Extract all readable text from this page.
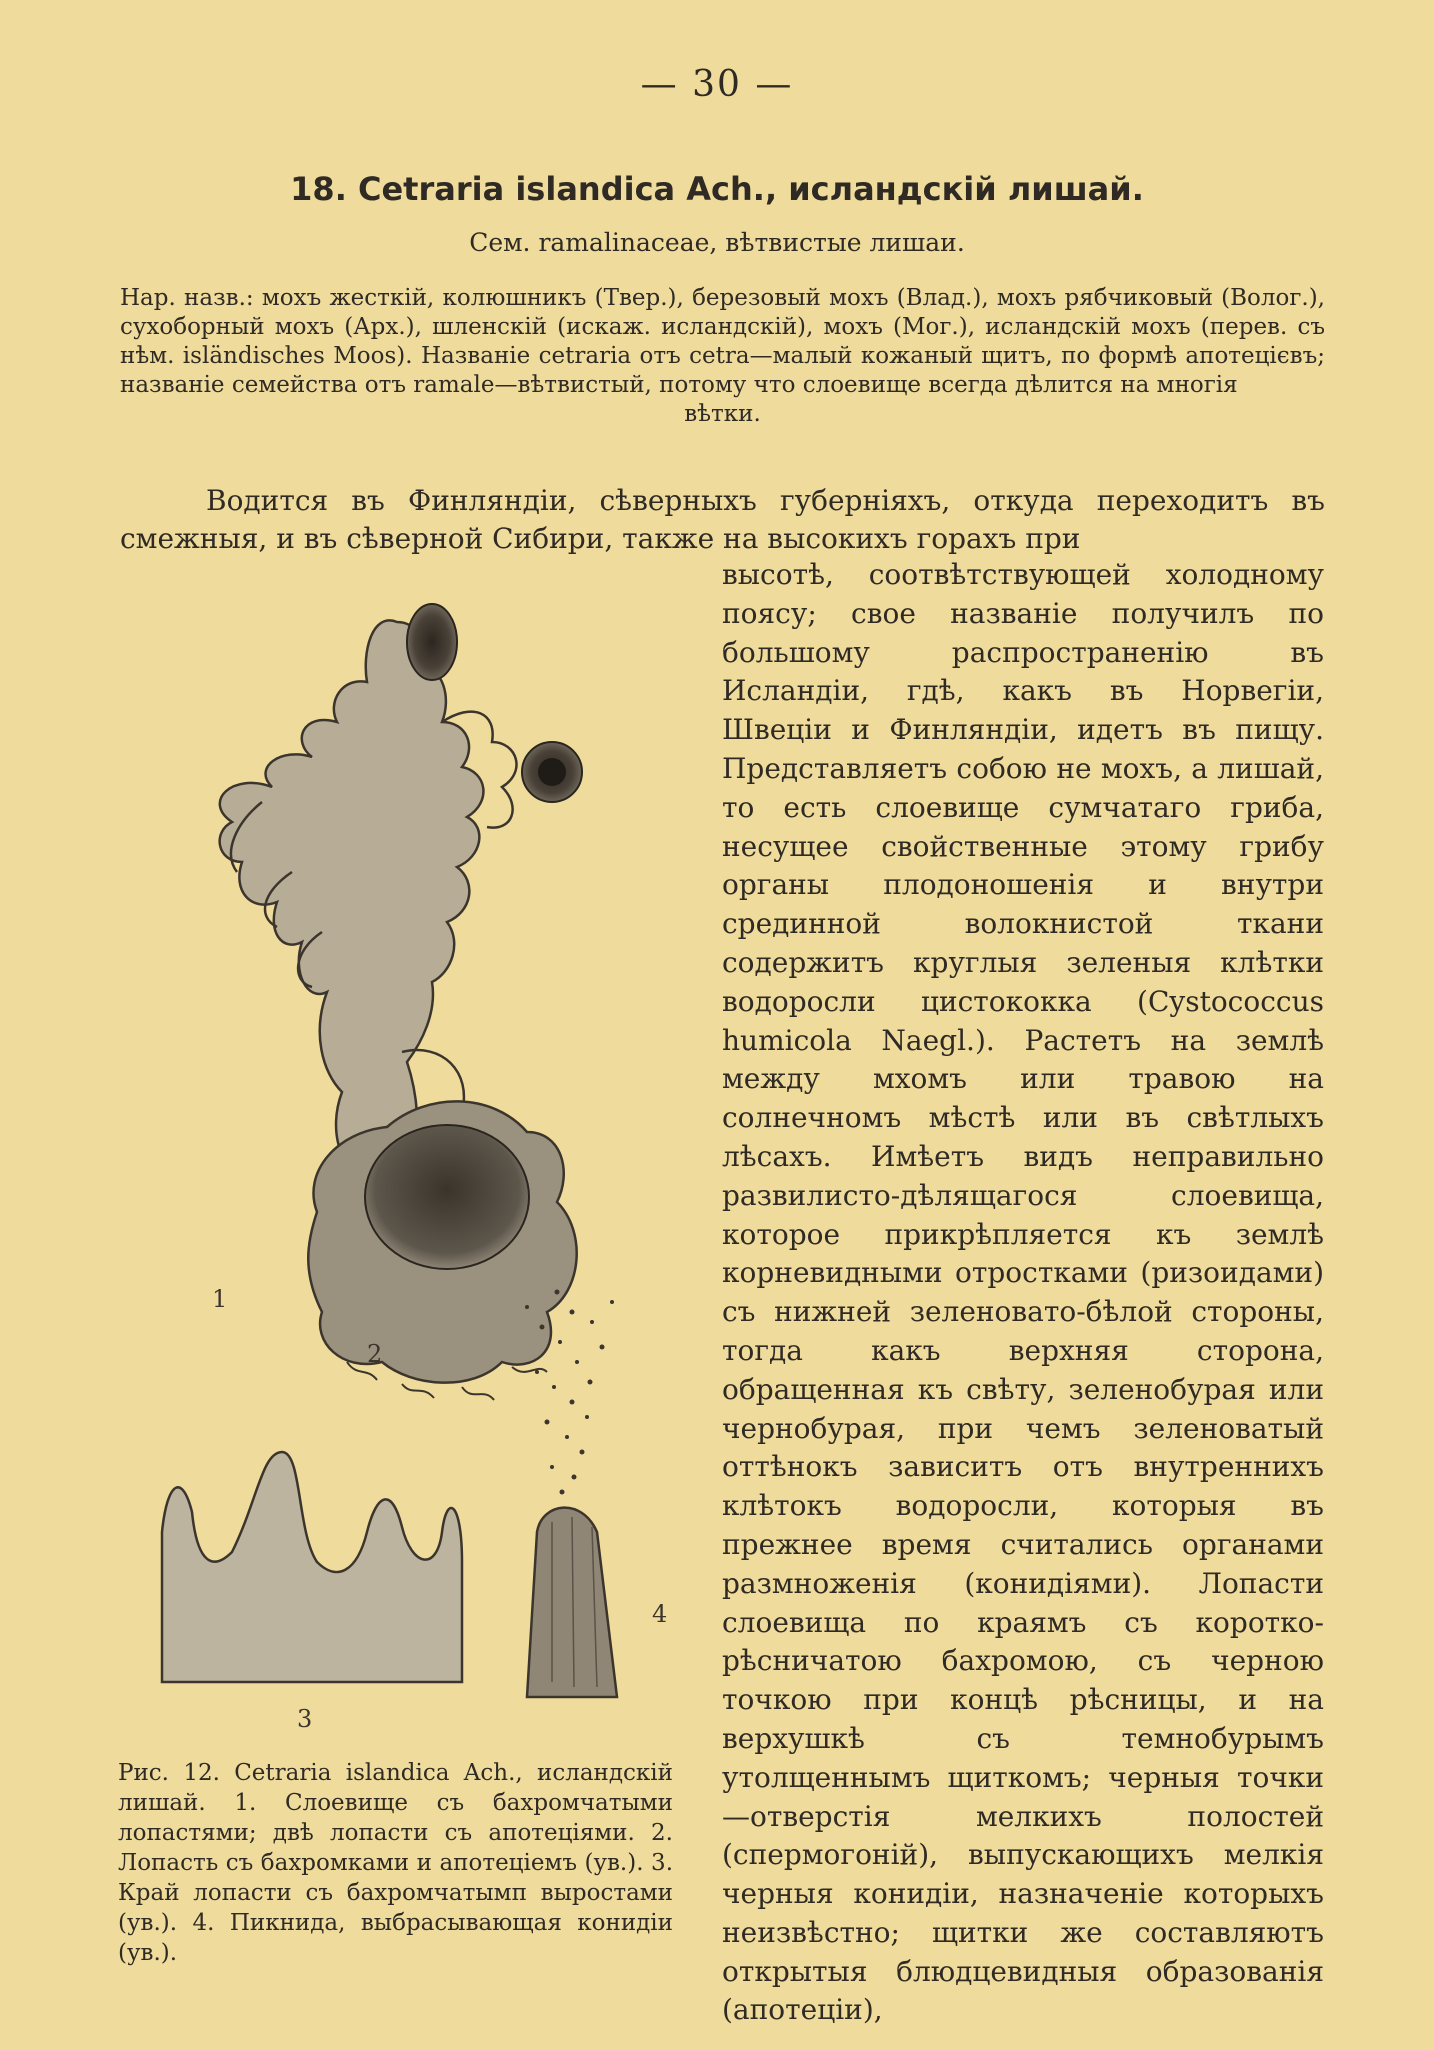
— 30 —
18. Cetraria islandica Ach., исландскій лишай.
Сем. ramalinaceae, вѣтвистые лишаи.

Нар. назв.: мохъ жесткій, колюшникъ (Твер.), березовый мохъ (Влад.), мохъ рябчиковый (Волог.), сухоборный мохъ (Арх.), шленскій (искаж. исландскій), мохъ (Мог.), исландскій мохъ (перев. съ нѣм. isländisches Moos). Названіе cetraria отъ cetra—малый кожаный щитъ, по формѣ апотецієвъ; названіе семейства отъ ramale—вѣтвистый, потому что слоевище всегда дѣлится на многія

вѣтки.

Водится въ Финляндіи, сѣверныхъ губерніяхъ, откуда переходитъ въ смежныя, и въ сѣверной Сибири, также на высокихъ горахъ при

высотѣ, соотвѣтствующей холодному поясу; свое названіе получилъ по большому распространенію въ Исландіи, гдѣ, какъ въ Норвегіи, Швеціи и Финляндіи, идетъ въ пищу. Представляетъ собою не мохъ, а лишай, то есть слоевище сумчатаго гриба, несущее свойственные этому грибу органы плодоношенія и внутри срединной волокнистой ткани содержитъ круглыя зеленыя клѣтки водоросли цистококка (Cystococcus humicola Naegl.). Растетъ на землѣ между мхомъ или травою на солнечномъ мѣстѣ или въ свѣтлыхъ лѣсахъ. Имѣетъ видъ неправильно развилисто-дѣлящагося слоевища, которое прикрѣпляется къ землѣ корневидными отростками (ризоидами) съ нижней зеленовато-бѣлой стороны, тогда какъ верхняя сторона, обращенная къ свѣту, зеленобурая или чернобурая, при чемъ зеленоватый оттѣнокъ зависитъ отъ внутреннихъ клѣтокъ водоросли, которыя въ прежнее время считались органами размноженія (конидіями). Лопасти слоевища по краямъ съ коротко-рѣсничатою бахромою, съ черною точкою при концѣ рѣсницы, и на верхушкѣ съ темнобурымъ утолщеннымъ щиткомъ; черныя точки—отверстія мелкихъ полостей (спермогоній), выпускающихъ мелкія черныя конидіи, назначеніе которыхъ неизвѣстно; щитки же составляютъ открытыя блюдцевидныя образованія (апотеціи),

1
2
3
4
Рис. 12. Cetraria islandica Ach., исландскій лишай. 1. Слоевище съ бахромчатыми лопастями; двѣ лопасти съ апотеціями. 2. Лопасть съ бахромками и апотеціемъ (ув.). 3. Край лопасти съ бахромчатымп выростами (ув.). 4. Пикнида, выбрасывающая конидіи (ув.).
